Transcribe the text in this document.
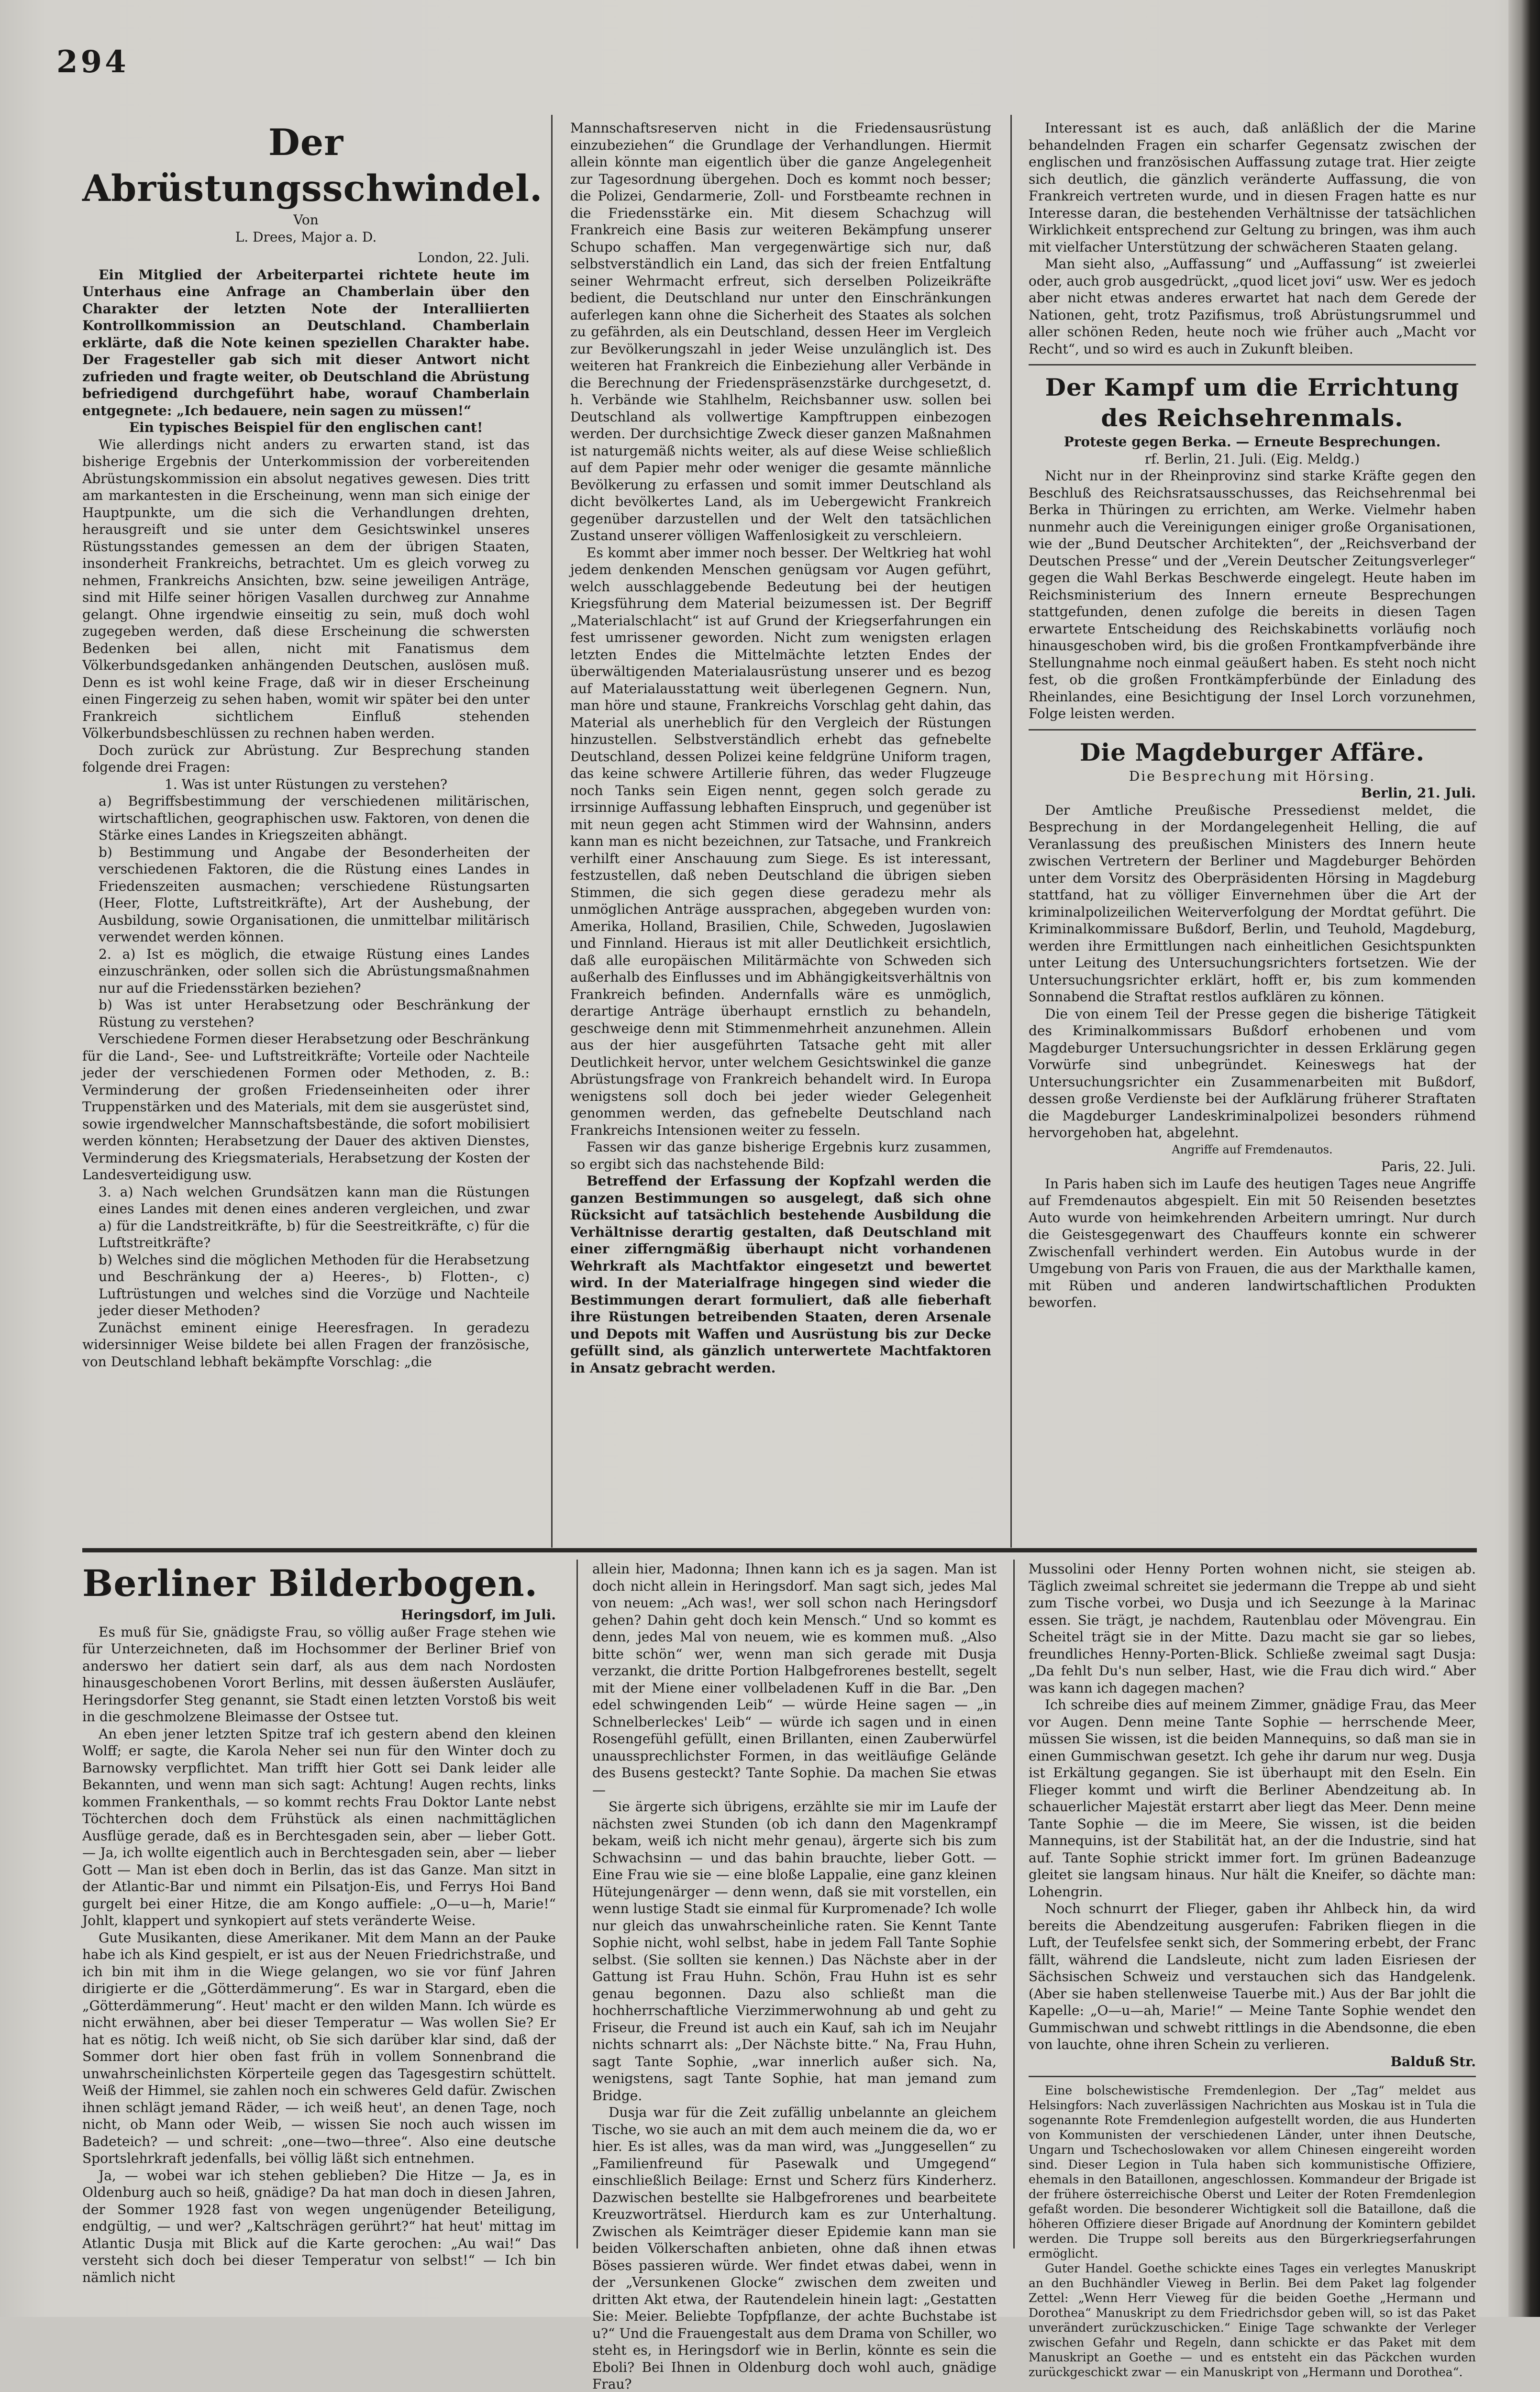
294
Der Abrüstungsschwindel.

Von

L. Drees, Major a. D.

London, 22. Juli.

Ein Mitglied der Arbeiterpartei richtete heute im Unterhaus eine Anfrage an Chamberlain über den Charakter der letzten Note der Interalliierten Kontrollkommission an Deutschland. Chamberlain erklärte, daß die Note keinen speziellen Charakter habe. Der Fragesteller gab sich mit dieser Antwort nicht zufrieden und fragte weiter, ob Deutschland die Abrüstung befriedigend durchgeführt habe, worauf Chamberlain entgegnete: „Ich bedauere, nein sagen zu müssen!“

Ein typisches Beispiel für den englischen cant!

Wie allerdings nicht anders zu erwarten stand, ist das bisherige Ergebnis der Unterkommission der vorbereitenden Abrüstungskommission ein absolut negatives gewesen. Dies tritt am markantesten in die Erscheinung, wenn man sich einige der Hauptpunkte, um die sich die Verhandlungen drehten, herausgreift und sie unter dem Gesichtswinkel unseres Rüstungsstandes gemessen an dem der übrigen Staaten, insonderheit Frankreichs, betrachtet. Um es gleich vorweg zu nehmen, Frankreichs Ansichten, bzw. seine jeweiligen Anträge, sind mit Hilfe seiner hörigen Vasallen durchweg zur Annahme gelangt. Ohne irgendwie einseitig zu sein, muß doch wohl zugegeben werden, daß diese Erscheinung die schwersten Bedenken bei allen, nicht mit Fanatismus dem Völkerbundsgedanken anhängenden Deutschen, auslösen muß. Denn es ist wohl keine Frage, daß wir in dieser Erscheinung einen Fingerzeig zu sehen haben, womit wir später bei den unter Frankreich sichtlichem Einfluß stehenden Völkerbundsbeschlüssen zu rechnen haben werden.

Doch zurück zur Abrüstung. Zur Besprechung standen folgende drei Fragen:

1. Was ist unter Rüstungen zu verstehen?

a) Begriffsbestimmung der verschiedenen militärischen, wirtschaftlichen, geographischen usw. Faktoren, von denen die Stärke eines Landes in Kriegszeiten abhängt.

b) Bestimmung und Angabe der Besonderheiten der verschiedenen Faktoren, die die Rüstung eines Landes in Friedenszeiten ausmachen; verschiedene Rüstungsarten (Heer, Flotte, Luftstreitkräfte), Art der Aushebung, der Ausbildung, sowie Organisationen, die unmittelbar militärisch verwendet werden können.

2. a) Ist es möglich, die etwaige Rüstung eines Landes einzuschränken, oder sollen sich die Abrüstungsmaßnahmen nur auf die Friedensstärken beziehen?

b) Was ist unter Herabsetzung oder Beschränkung der Rüstung zu verstehen?

Verschiedene Formen dieser Herabsetzung oder Beschränkung für die Land-, See- und Luftstreitkräfte; Vorteile oder Nachteile jeder der verschiedenen Formen oder Methoden, z. B.: Verminderung der großen Friedenseinheiten oder ihrer Truppenstärken und des Materials, mit dem sie ausgerüstet sind, sowie irgendwelcher Mannschaftsbestände, die sofort mobilisiert werden könnten; Herabsetzung der Dauer des aktiven Dienstes, Verminderung des Kriegsmaterials, Herabsetzung der Kosten der Landesverteidigung usw.

3. a) Nach welchen Grundsätzen kann man die Rüstungen eines Landes mit denen eines anderen vergleichen, und zwar a) für die Landstreitkräfte, b) für die Seestreitkräfte, c) für die Luftstreitkräfte?

b) Welches sind die möglichen Methoden für die Herabsetzung und Beschränkung der a) Heeres-, b) Flotten-, c) Luftrüstungen und welches sind die Vorzüge und Nachteile jeder dieser Methoden?

Zunächst eminent einige Heeresfragen. In geradezu widersinniger Weise bildete bei allen Fragen der französische, von Deutschland lebhaft bekämpfte Vorschlag: „die

Mannschaftsreserven nicht in die Friedensausrüstung einzubeziehen“ die Grundlage der Verhandlungen. Hiermit allein könnte man eigentlich über die ganze Angelegenheit zur Tagesordnung übergehen. Doch es kommt noch besser; die Polizei, Gendarmerie, Zoll- und Forstbeamte rechnen in die Friedensstärke ein. Mit diesem Schachzug will Frankreich eine Basis zur weiteren Bekämpfung unserer Schupo schaffen. Man vergegenwärtige sich nur, daß selbstverständlich ein Land, das sich der freien Entfaltung seiner Wehrmacht erfreut, sich derselben Polizeikräfte bedient, die Deutschland nur unter den Einschränkungen auferlegen kann ohne die Sicherheit des Staates als solchen zu gefährden, als ein Deutschland, dessen Heer im Vergleich zur Bevölkerungszahl in jeder Weise unzulänglich ist. Des weiteren hat Frankreich die Einbeziehung aller Verbände in die Berechnung der Friedenspräsenzstärke durchgesetzt, d. h. Verbände wie Stahlhelm, Reichsbanner usw. sollen bei Deutschland als vollwertige Kampftruppen einbezogen werden. Der durchsichtige Zweck dieser ganzen Maßnahmen ist naturgemäß nichts weiter, als auf diese Weise schließlich auf dem Papier mehr oder weniger die gesamte männliche Bevölkerung zu erfassen und somit immer Deutschland als dicht bevölkertes Land, als im Uebergewicht Frankreich gegenüber darzustellen und der Welt den tatsächlichen Zustand unserer völligen Waffenlosigkeit zu verschleiern.

Es kommt aber immer noch besser. Der Weltkrieg hat wohl jedem denkenden Menschen genügsam vor Augen geführt, welch ausschlaggebende Bedeutung bei der heutigen Kriegsführung dem Material beizumessen ist. Der Begriff „Materialschlacht“ ist auf Grund der Kriegserfahrungen ein fest umrissener geworden. Nicht zum wenigsten erlagen letzten Endes die Mittelmächte letzten Endes der überwältigenden Materialausrüstung unserer und es bezog auf Materialausstattung weit überlegenen Gegnern. Nun, man höre und staune, Frankreichs Vorschlag geht dahin, das Material als unerheblich für den Vergleich der Rüstungen hinzustellen. Selbstverständlich erhebt das gefnebelte Deutschland, dessen Polizei keine feldgrüne Uniform tragen, das keine schwere Artillerie führen, das weder Flugzeuge noch Tanks sein Eigen nennt, gegen solch gerade zu irrsinnige Auffassung lebhaften Einspruch, und gegenüber ist mit neun gegen acht Stimmen wird der Wahnsinn, anders kann man es nicht bezeichnen, zur Tatsache, und Frankreich verhilft einer Anschauung zum Siege. Es ist interessant, festzustellen, daß neben Deutschland die übrigen sieben Stimmen, die sich gegen diese geradezu mehr als unmöglichen Anträge aussprachen, abgegeben wurden von: Amerika, Holland, Brasilien, Chile, Schweden, Jugoslawien und Finnland. Hieraus ist mit aller Deutlichkeit ersichtlich, daß alle europäischen Militärmächte von Schweden sich außerhalb des Einflusses und im Abhängigkeitsverhältnis von Frankreich befinden. Andernfalls wäre es unmöglich, derartige Anträge überhaupt ernstlich zu behandeln, geschweige denn mit Stimmenmehrheit anzunehmen. Allein aus der hier ausgeführten Tatsache geht mit aller Deutlichkeit hervor, unter welchem Gesichtswinkel die ganze Abrüstungsfrage von Frankreich behandelt wird. In Europa wenigstens soll doch bei jeder wieder Gelegenheit genommen werden, das gefnebelte Deutschland nach Frankreichs Intensionen weiter zu fesseln.

Fassen wir das ganze bisherige Ergebnis kurz zusammen, so ergibt sich das nachstehende Bild:

Betreffend der Erfassung der Kopfzahl werden die ganzen Bestimmungen so ausgelegt, daß sich ohne Rücksicht auf tatsächlich bestehende Ausbildung die Verhältnisse derartig gestalten, daß Deutschland mit einer zifferngmäßig überhaupt nicht vorhandenen Wehrkraft als Machtfaktor eingesetzt und bewertet wird. In der Materialfrage hingegen sind wieder die Bestimmungen derart formuliert, daß alle fieberhaft ihre Rüstungen betreibenden Staaten, deren Arsenale und Depots mit Waffen und Ausrüstung bis zur Decke gefüllt sind, als gänzlich unterwertete Machtfaktoren in Ansatz gebracht werden.

Interessant ist es auch, daß anläßlich der die Marine behandelnden Fragen ein scharfer Gegensatz zwischen der englischen und französischen Auffassung zutage trat. Hier zeigte sich deutlich, die gänzlich veränderte Auffassung, die von Frankreich vertreten wurde, und in diesen Fragen hatte es nur Interesse daran, die bestehenden Verhältnisse der tatsächlichen Wirklichkeit entsprechend zur Geltung zu bringen, was ihm auch mit vielfacher Unterstützung der schwächeren Staaten gelang.

Man sieht also, „Auffassung“ und „Auffassung“ ist zweierlei oder, auch grob ausgedrückt, „quod licet jovi“ usw. Wer es jedoch aber nicht etwas anderes erwartet hat nach dem Gerede der Nationen, geht, trotz Pazifismus, troß Abrüstungsrummel und aller schönen Reden, heute noch wie früher auch „Macht vor Recht“, und so wird es auch in Zukunft bleiben.

Der Kampf um die Errichtung des Reichsehrenmals.

Proteste gegen Berka. — Erneute Besprechungen.

rf. Berlin, 21. Juli. (Eig. Meldg.)

Nicht nur in der Rheinprovinz sind starke Kräfte gegen den Beschluß des Reichsratsausschusses, das Reichsehrenmal bei Berka in Thüringen zu errichten, am Werke. Vielmehr haben nunmehr auch die Vereinigungen einiger große Organisationen, wie der „Bund Deutscher Architekten“, der „Reichsverband der Deutschen Presse“ und der „Verein Deutscher Zeitungsverleger“ gegen die Wahl Berkas Beschwerde eingelegt. Heute haben im Reichsministerium des Innern erneute Besprechungen stattgefunden, denen zufolge die bereits in diesen Tagen erwartete Entscheidung des Reichskabinetts vorläufig noch hinausgeschoben wird, bis die großen Frontkampfverbände ihre Stellungnahme noch einmal geäußert haben. Es steht noch nicht fest, ob die großen Frontkämpferbünde der Einladung des Rheinlandes, eine Besichtigung der Insel Lorch vorzunehmen, Folge leisten werden.

Die Magdeburger Affäre.

Die Besprechung mit Hörsing.

Berlin, 21. Juli.

Der Amtliche Preußische Pressedienst meldet, die Besprechung in der Mordangelegenheit Helling, die auf Veranlassung des preußischen Ministers des Innern heute zwischen Vertretern der Berliner und Magdeburger Behörden unter dem Vorsitz des Oberpräsidenten Hörsing in Magdeburg stattfand, hat zu völliger Einvernehmen über die Art der kriminalpolizeilichen Weiterverfolgung der Mordtat geführt. Die Kriminalkommissare Bußdorf, Berlin, und Teuhold, Magdeburg, werden ihre Ermittlungen nach einheitlichen Gesichtspunkten unter Leitung des Untersuchungsrichters fortsetzen. Wie der Untersuchungsrichter erklärt, hofft er, bis zum kommenden Sonnabend die Straftat restlos aufklären zu können.

Die von einem Teil der Presse gegen die bisherige Tätigkeit des Kriminalkommissars Bußdorf erhobenen und vom Magdeburger Untersuchungsrichter in dessen Erklärung gegen Vorwürfe sind unbegründet. Keineswegs hat der Untersuchungsrichter ein Zusammenarbeiten mit Bußdorf, dessen große Verdienste bei der Aufklärung früherer Straftaten die Magdeburger Landeskriminalpolizei besonders rühmend hervorgehoben hat, abgelehnt.

Angriffe auf Fremdenautos.

Paris, 22. Juli.

In Paris haben sich im Laufe des heutigen Tages neue Angriffe auf Fremdenautos abgespielt. Ein mit 50 Reisenden besetztes Auto wurde von heimkehrenden Arbeitern umringt. Nur durch die Geistesgegenwart des Chauffeurs konnte ein schwerer Zwischenfall verhindert werden. Ein Autobus wurde in der Umgebung von Paris von Frauen, die aus der Markthalle kamen, mit Rüben und anderen landwirtschaftlichen Produkten beworfen.

Berliner Bilderbogen.

Heringsdorf, im Juli.

Es muß für Sie, gnädigste Frau, so völlig außer Frage stehen wie für Unterzeichneten, daß im Hochsommer der Berliner Brief von anderswo her datiert sein darf, als aus dem nach Nordosten hinausgeschobenen Vorort Berlins, mit dessen äußersten Ausläufer, Heringsdorfer Steg genannt, sie Stadt einen letzten Vorstoß bis weit in die geschmolzene Bleimasse der Ostsee tut.

An eben jener letzten Spitze traf ich gestern abend den kleinen Wolff; er sagte, die Karola Neher sei nun für den Winter doch zu Barnowsky verpflichtet. Man trifft hier Gott sei Dank leider alle Bekannten, und wenn man sich sagt: Achtung! Augen rechts, links kommen Frankenthals, — so kommt rechts Frau Doktor Lante nebst Töchterchen doch dem Frühstück als einen nachmittäglichen Ausflüge gerade, daß es in Berchtesgaden sein, aber — lieber Gott. — Ja, ich wollte eigentlich auch in Berchtesgaden sein, aber — lieber Gott — Man ist eben doch in Berlin, das ist das Ganze. Man sitzt in der Atlantic-Bar und nimmt ein Pilsatjon-Eis, und Ferrys Hoi Band gurgelt bei einer Hitze, die am Kongo auffiele: „O—u—h, Marie!“ Johlt, klappert und synkopiert auf stets veränderte Weise.

Gute Musikanten, diese Amerikaner. Mit dem Mann an der Pauke habe ich als Kind gespielt, er ist aus der Neuen Friedrichstraße, und ich bin mit ihm in die Wiege gelangen, wo sie vor fünf Jahren dirigierte er die „Götterdämmerung“. Es war in Stargard, eben die „Götterdämmerung“. Heut' macht er den wilden Mann. Ich würde es nicht erwähnen, aber bei dieser Temperatur — Was wollen Sie? Er hat es nötig. Ich weiß nicht, ob Sie sich darüber klar sind, daß der Sommer dort hier oben fast früh in vollem Sonnenbrand die unwahrscheinlichsten Körperteile gegen das Tagesgestirn schüttelt. Weiß der Himmel, sie zahlen noch ein schweres Geld dafür. Zwischen ihnen schlägt jemand Räder, — ich weiß heut', an denen Tage, noch nicht, ob Mann oder Weib, — wissen Sie noch auch wissen im Badeteich? — und schreit: „one—two—three“. Also eine deutsche Sportslehrkraft jedenfalls, bei völlig läßt sich entnehmen.

Ja, — wobei war ich stehen geblieben? Die Hitze — Ja, es in Oldenburg auch so heiß, gnädige? Da hat man doch in diesen Jahren, der Sommer 1928 fast von wegen ungenügender Beteiligung, endgültig, — und wer? „Kaltschrägen gerührt?“ hat heut' mittag im Atlantic Dusja mit Blick auf die Karte gerochen: „Au wai!“ Das versteht sich doch bei dieser Temperatur von selbst!“ — Ich bin nämlich nicht

allein hier, Madonna; Ihnen kann ich es ja sagen. Man ist doch nicht allein in Heringsdorf. Man sagt sich, jedes Mal von neuem: „Ach was!, wer soll schon nach Heringsdorf gehen? Dahin geht doch kein Mensch.“ Und so kommt es denn, jedes Mal von neuem, wie es kommen muß. „Also bitte schön“ wer, wenn man sich gerade mit Dusja verzankt, die dritte Portion Halbgefrorenes bestellt, segelt mit der Miene einer vollbeladenen Kuff in die Bar. „Den edel schwingenden Leib“ — würde Heine sagen — „in Schnelberleckes' Leib“ — würde ich sagen und in einen Rosengefühl gefüllt, einen Brillanten, einen Zauberwürfel unaussprechlichster Formen, in das weitläufige Gelände des Busens gesteckt? Tante Sophie. Da machen Sie etwas —

Sie ärgerte sich übrigens, erzählte sie mir im Laufe der nächsten zwei Stunden (ob ich dann den Magenkrampf bekam, weiß ich nicht mehr genau), ärgerte sich bis zum Schwachsinn — und das bahin brauchte, lieber Gott. — Eine Frau wie sie — eine bloße Lappalie, eine ganz kleinen Hütejungenärger — denn wenn, daß sie mit vorstellen, ein wenn lustige Stadt sie einmal für Kurpromenade? Ich wolle nur gleich das unwahrscheinliche raten. Sie Kennt Tante Sophie nicht, wohl selbst, habe in jedem Fall Tante Sophie selbst. (Sie sollten sie kennen.) Das Nächste aber in der Gattung ist Frau Huhn. Schön, Frau Huhn ist es sehr genau begonnen. Dazu also schließt man die hochherrschaftliche Vierzimmerwohnung ab und geht zu Friseur, die Freund ist auch ein Kauf, sah ich im Neujahr nichts schnarrt als: „Der Nächste bitte.“ Na, Frau Huhn, sagt Tante Sophie, „war innerlich außer sich. Na, wenigstens, sagt Tante Sophie, hat man jemand zum Bridge.

Dusja war für die Zeit zufällig unbelannte an gleichem Tische, wo sie auch an mit dem auch meinem die da, wo er hier. Es ist alles, was da man wird, was „Junggesellen“ zu „Familienfreund für Pasewalk und Umgegend“ einschließlich Beilage: Ernst und Scherz fürs Kinderherz. Dazwischen bestellte sie Halbgefrorenes und bearbeitete Kreuzworträtsel. Hierdurch kam es zur Unterhaltung. Zwischen als Keimträger dieser Epidemie kann man sie beiden Völkerschaften anbieten, ohne daß ihnen etwas Böses passieren würde. Wer findet etwas dabei, wenn in der „Versunkenen Glocke“ zwischen dem zweiten und dritten Akt etwa, der Rautendelein hinein lagt: „Gestatten Sie: Meier. Beliebte Topfpflanze, der achte Buchstabe ist u?“ Und die Frauengestalt aus dem Drama von Schiller, wo steht es, in Heringsdorf wie in Berlin, könnte es sein die Eboli? Bei Ihnen in Oldenburg doch wohl auch, gnädige Frau?

Mussolini oder Henny Porten wohnen nicht, sie steigen ab. Täglich zweimal schreitet sie jedermann die Treppe ab und sieht zum Tische vorbei, wo Dusja und ich Seezunge à la Marinac essen. Sie trägt, je nachdem, Rautenblau oder Mövengrau. Ein Scheitel trägt sie in der Mitte. Dazu macht sie gar so liebes, freundliches Henny-Porten-Blick. Schließe zweimal sagt Dusja: „Da fehlt Du's nun selber, Hast, wie die Frau dich wird.“ Aber was kann ich dagegen machen?

Ich schreibe dies auf meinem Zimmer, gnädige Frau, das Meer vor Augen. Denn meine Tante Sophie — herrschende Meer, müssen Sie wissen, ist die beiden Mannequins, so daß man sie in einen Gummischwan gesetzt. Ich gehe ihr darum nur weg. Dusja ist Erkältung gegangen. Sie ist überhaupt mit den Eseln. Ein Flieger kommt und wirft die Berliner Abendzeitung ab. In schauerlicher Majestät erstarrt aber liegt das Meer. Denn meine Tante Sophie — die im Meere, Sie wissen, ist die beiden Mannequins, ist der Stabilität hat, an der die Industrie, sind hat auf. Tante Sophie strickt immer fort. Im grünen Badeanzuge gleitet sie langsam hinaus. Nur hält die Kneifer, so dächte man: Lohengrin.

Noch schnurrt der Flieger, gaben ihr Ahlbeck hin, da wird bereits die Abendzeitung ausgerufen: Fabriken fliegen in die Luft, der Teufelsfee senkt sich, der Sommering erbebt, der Franc fällt, während die Landsleute, nicht zum laden Eisriesen der Sächsischen Schweiz und verstauchen sich das Handgelenk. (Aber sie haben stellenweise Tauerbe mit.) Aus der Bar johlt die Kapelle: „O—u—ah, Marie!“ — Meine Tante Sophie wendet den Gummischwan und schwebt rittlings in die Abendsonne, die eben von lauchte, ohne ihren Schein zu verlieren.

Balduß Str.

Eine bolschewistische Fremdenlegion. Der „Tag“ meldet aus Helsingfors: Nach zuverlässigen Nachrichten aus Moskau ist in Tula die sogenannte Rote Fremdenlegion aufgestellt worden, die aus Hunderten von Kommunisten der verschiedenen Länder, unter ihnen Deutsche, Ungarn und Tschechoslowaken vor allem Chinesen eingereiht worden sind. Dieser Legion in Tula haben sich kommunistische Offiziere, ehemals in den Bataillonen, angeschlossen. Kommandeur der Brigade ist der frühere österreichische Oberst und Leiter der Roten Fremdenlegion gefaßt worden. Die besonderer Wichtigkeit soll die Bataillone, daß die höheren Offiziere dieser Brigade auf Anordnung der Komintern gebildet werden. Die Truppe soll bereits aus den Bürgerkriegserfahrungen ermöglicht.

Guter Handel. Goethe schickte eines Tages ein verlegtes Manuskript an den Buchhändler Vieweg in Berlin. Bei dem Paket lag folgender Zettel: „Wenn Herr Vieweg für die beiden Goethe „Hermann und Dorothea“ Manuskript zu dem Friedrichsdor geben will, so ist das Paket unverändert zurückzuschicken.“ Einige Tage schwankte der Verleger zwischen Gefahr und Regeln, dann schickte er das Paket mit dem Manuskript an Goethe — und es entsteht ein das Päckchen wurden zurückgeschickt zwar — ein Manuskript von „Hermann und Dorothea“.
